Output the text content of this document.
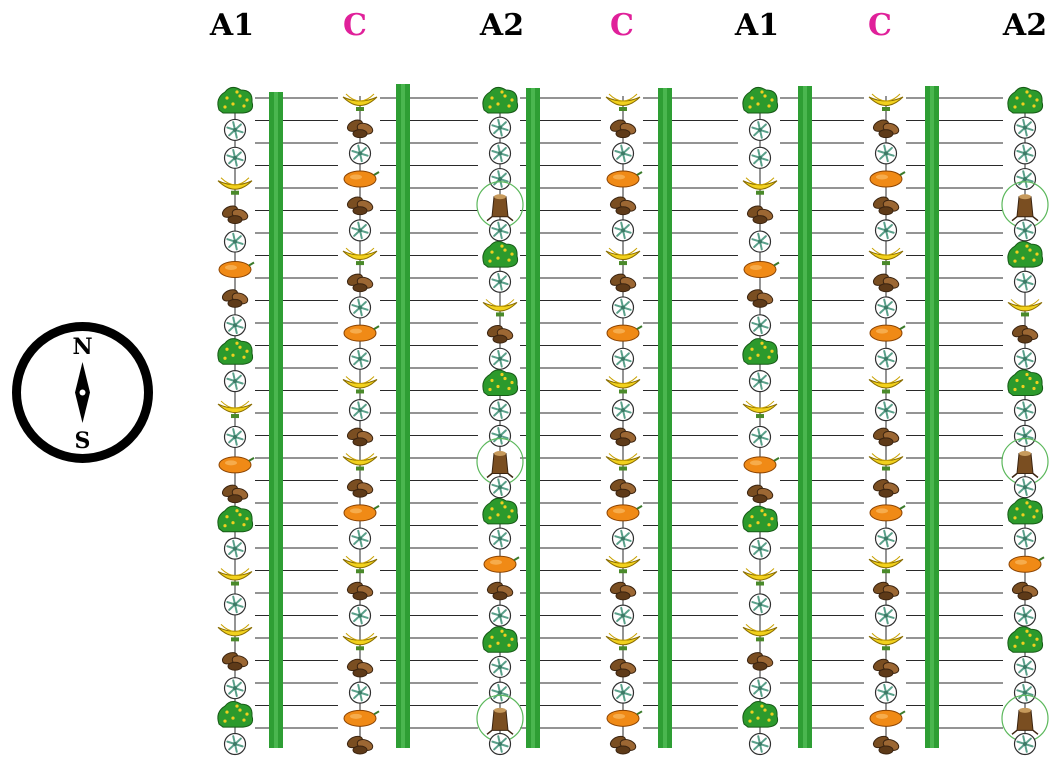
A1	C	A2	C	A1	C	A2
N
S
